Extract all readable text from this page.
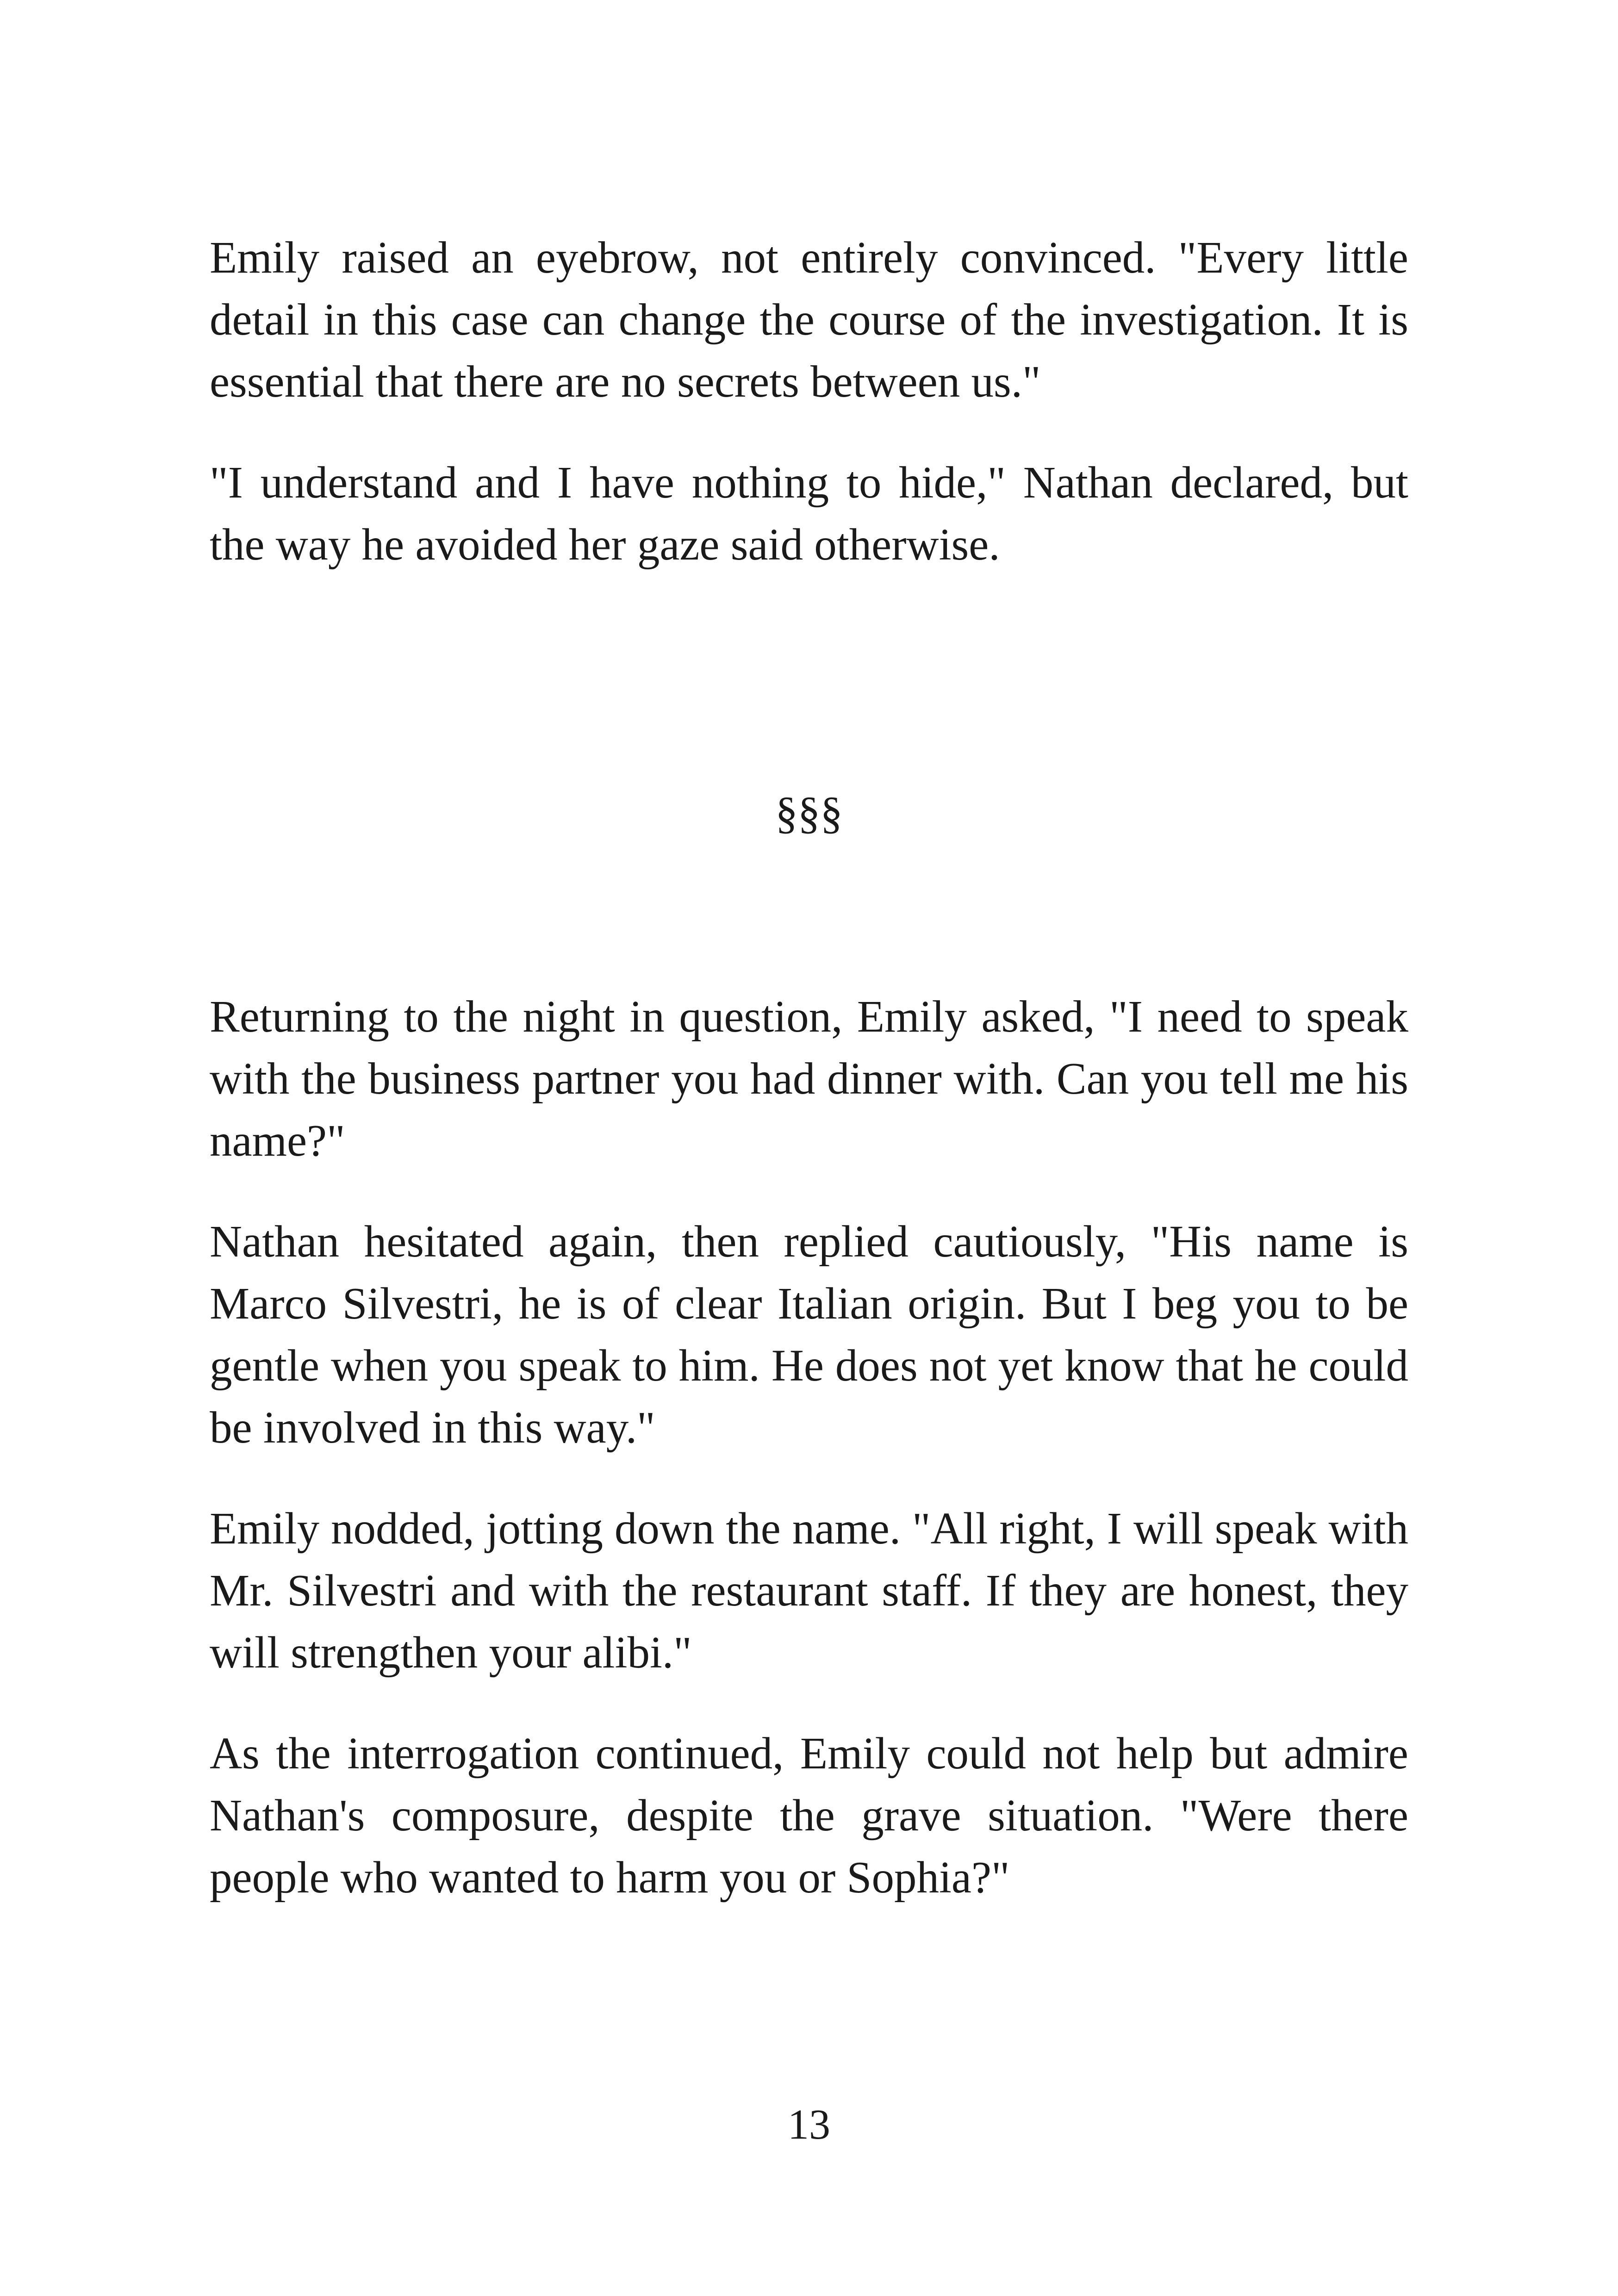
Emily raised an eyebrow, not entirely convinced. "Every little detail in this case can change the course of the investigation. It is essential that there are no secrets between us."

"I understand and I have nothing to hide," Nathan declared, but the way he avoided her gaze said otherwise.

§§§

Returning to the night in question, Emily asked, "I need to speak with the business partner you had dinner with. Can you tell me his name?"

Nathan hesitated again, then replied cautiously, "His name is Marco Silvestri, he is of clear Italian origin. But I beg you to be gentle when you speak to him. He does not yet know that he could be involved in this way."

Emily nodded, jotting down the name. "All right, I will speak with Mr. Silvestri and with the restaurant staff. If they are honest, they will strengthen your alibi."

As the interrogation continued, Emily could not help but admire Nathan's composure, despite the grave situation. "Were there people who wanted to harm you or Sophia?"

13
